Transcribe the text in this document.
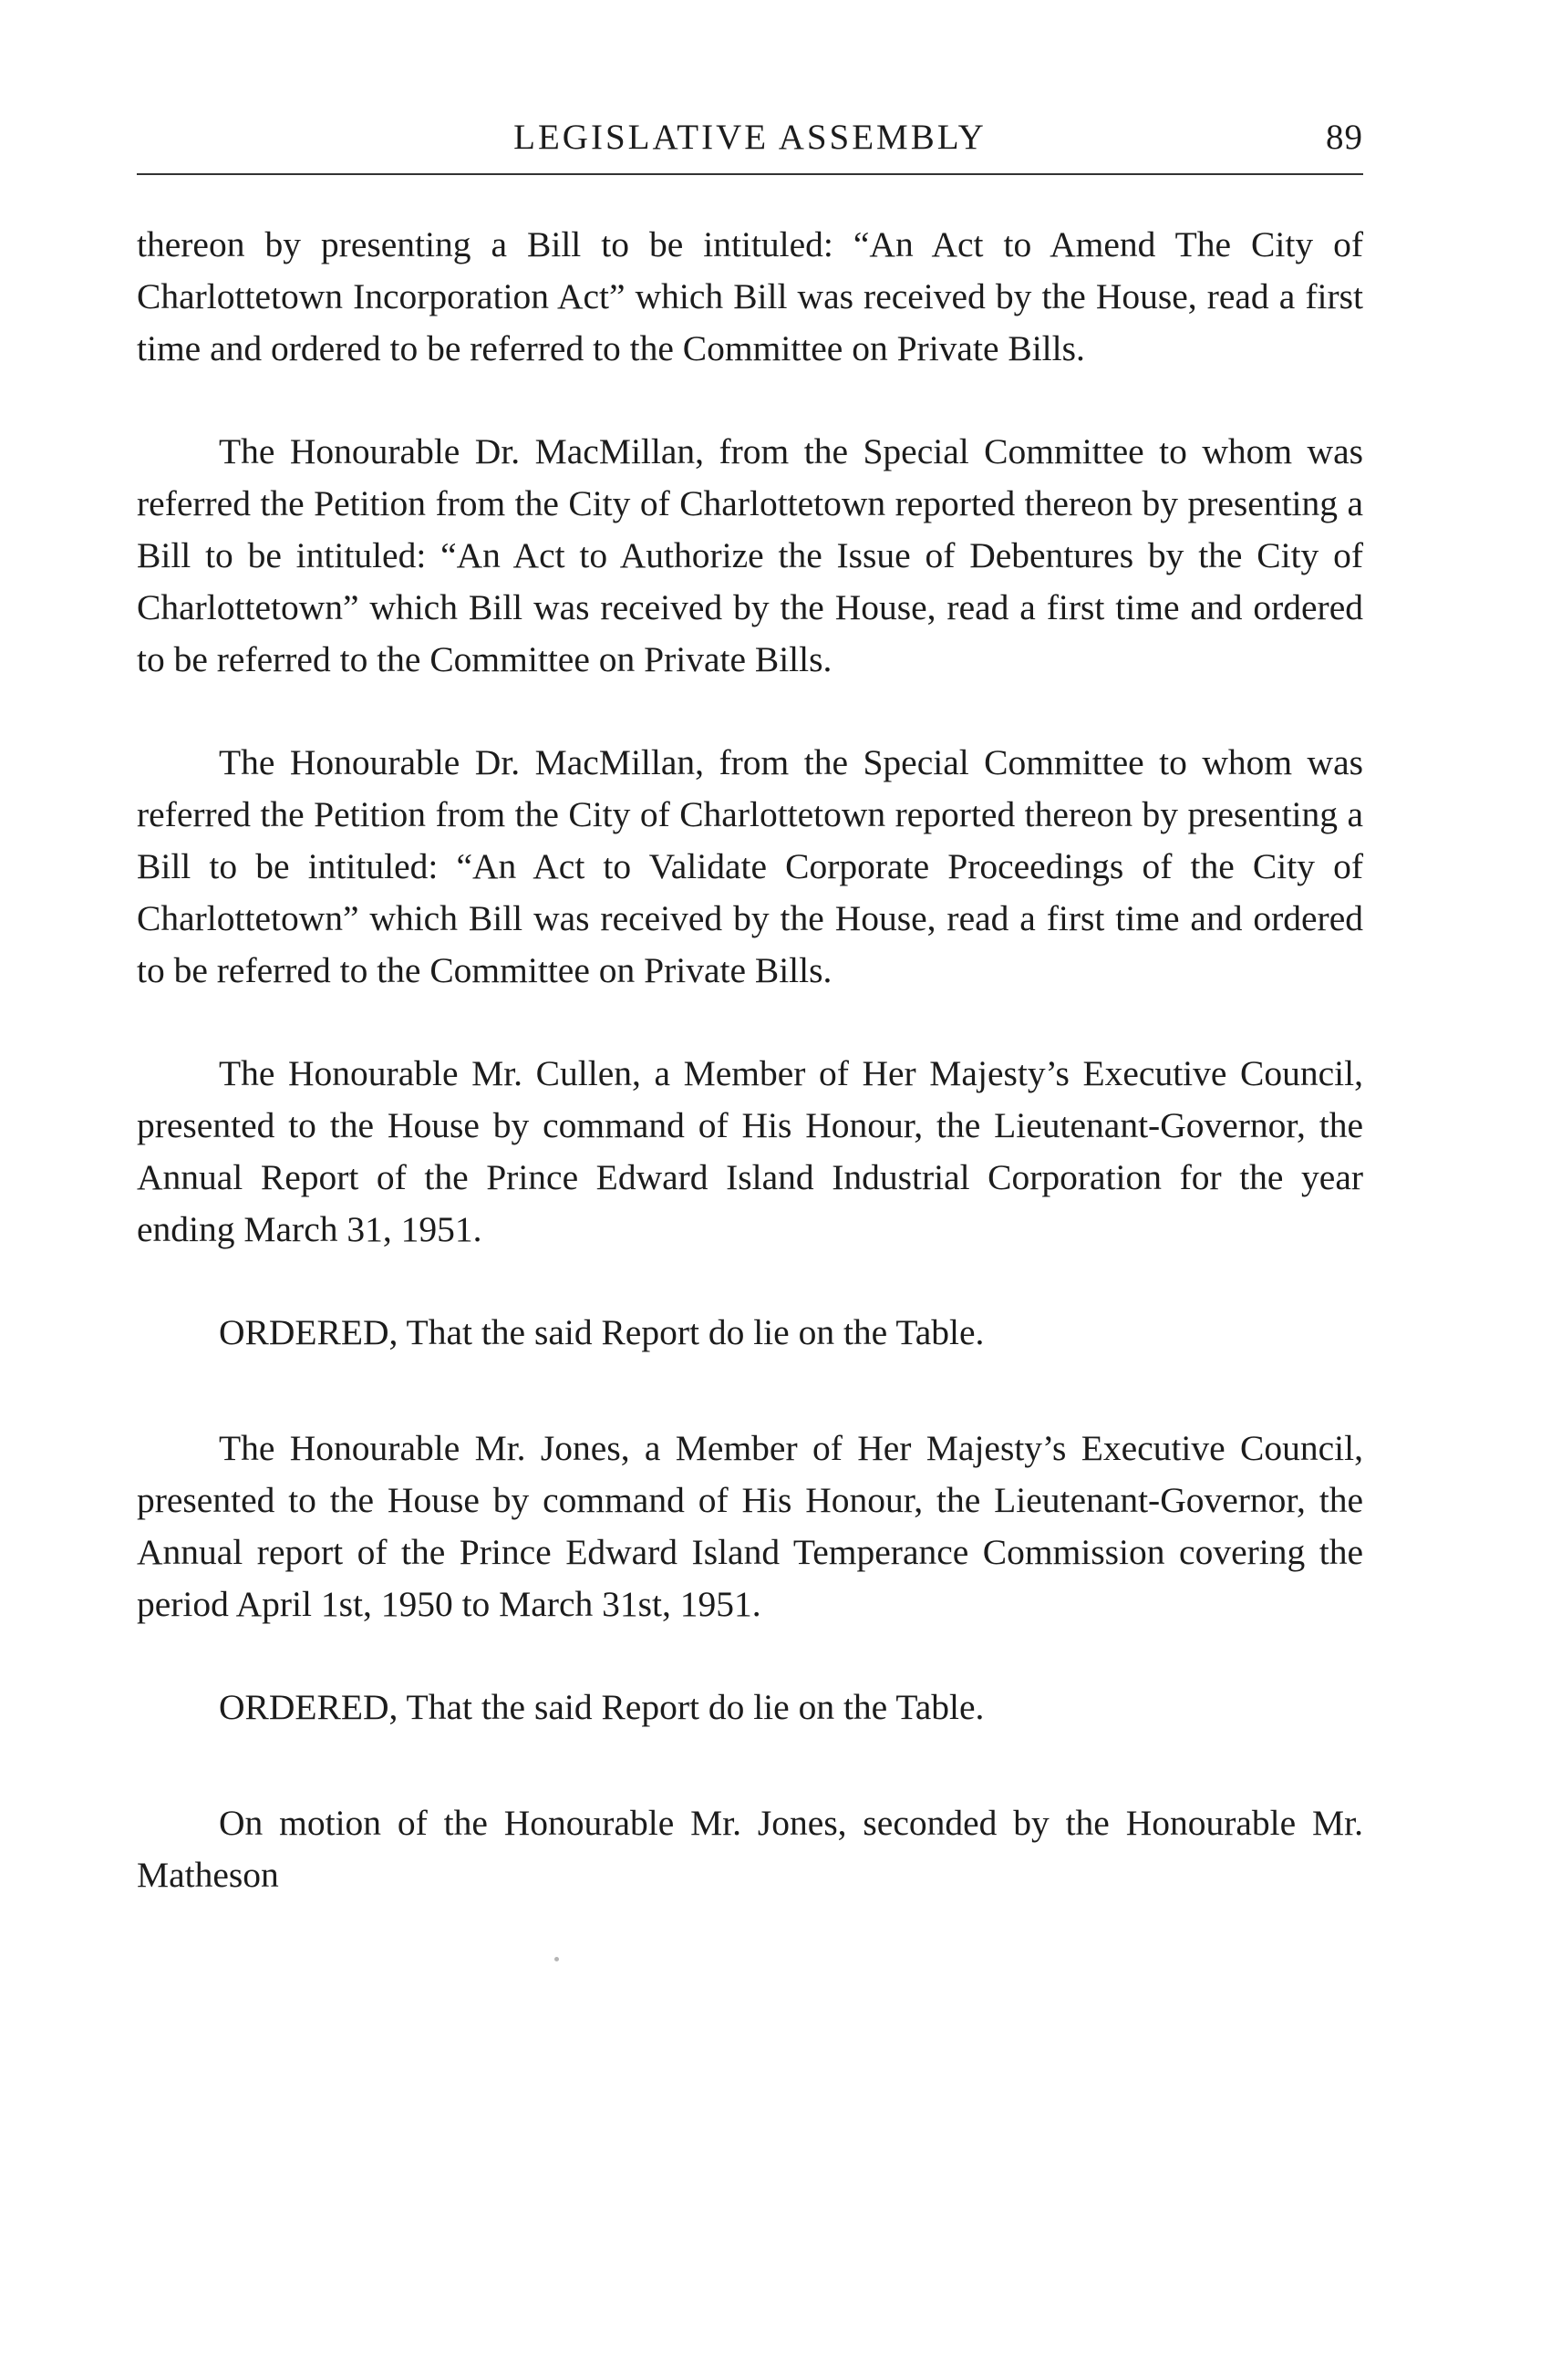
LEGISLATIVE ASSEMBLY	89

thereon by presenting a Bill to be intituled: “An Act to Amend The City of Charlottetown Incorporation Act” which Bill was received by the House, read a first time and ordered to be referred to the Committee on Private Bills.

The Honourable Dr. MacMillan, from the Special Committee to whom was referred the Petition from the City of Charlottetown reported thereon by presenting a Bill to be intituled: “An Act to Authorize the Issue of Debentures by the City of Charlottetown” which Bill was received by the House, read a first time and ordered to be referred to the Committee on Private Bills.

The Honourable Dr. MacMillan, from the Special Committee to whom was referred the Petition from the City of Charlottetown reported thereon by presenting a Bill to be intituled: “An Act to Validate Corporate Proceedings of the City of Charlottetown” which Bill was received by the House, read a first time and ordered to be referred to the Committee on Private Bills.

The Honourable Mr. Cullen, a Member of Her Majesty’s Executive Council, presented to the House by command of His Honour, the Lieutenant-Governor, the Annual Report of the Prince Edward Island Industrial Corporation for the year ending March 31, 1951.

ORDERED, That the said Report do lie on the Table.

The Honourable Mr. Jones, a Member of Her Majesty’s Executive Council, presented to the House by command of His Honour, the Lieutenant-Governor, the Annual report of the Prince Edward Island Temperance Commission covering the period April 1st, 1950 to March 31st, 1951.

ORDERED, That the said Report do lie on the Table.

On motion of the Honourable Mr. Jones, seconded by the Honourable Mr. Matheson
